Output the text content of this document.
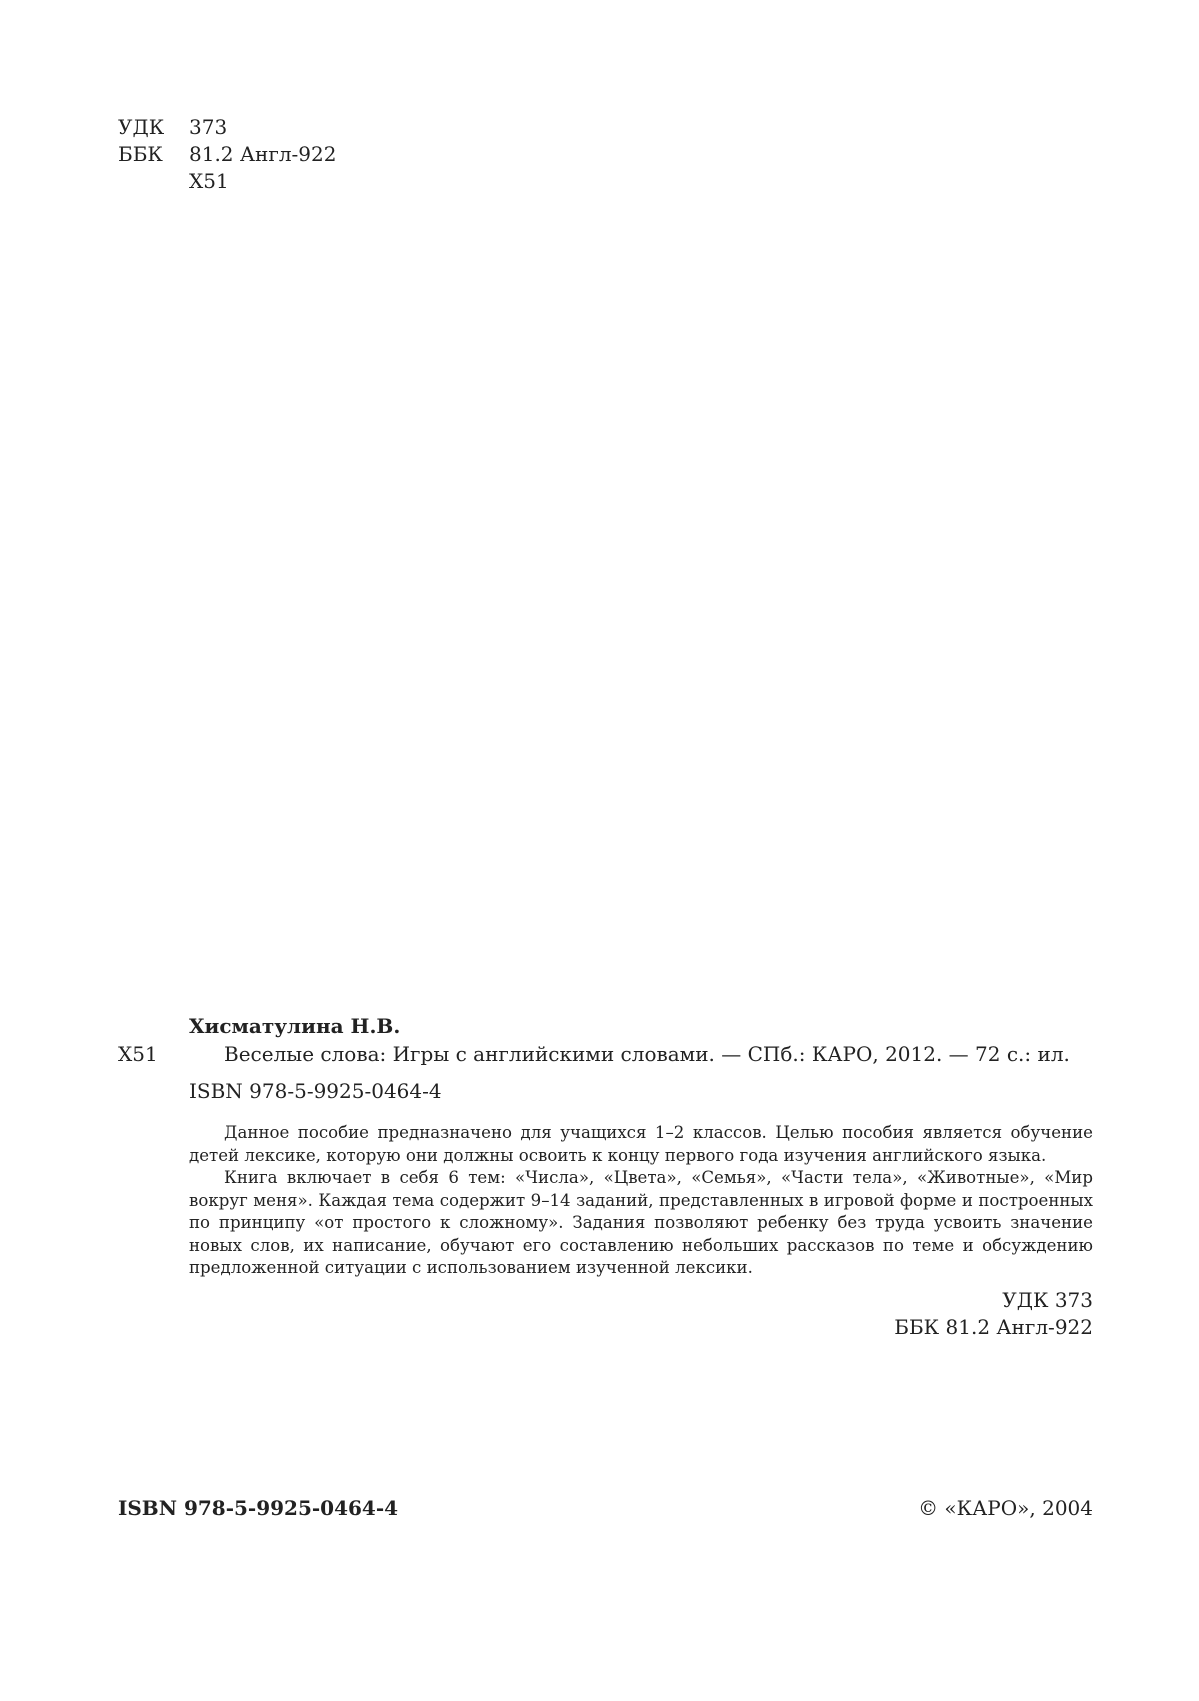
УДК 373
ББК 81.2 Англ-922
Х51
Хисматулина Н.В.
Х51	Веселые слова: Игры с английскими словами. — СПб.: КАРО, 2012. — 72 с.: ил.
ISBN 978-5-9925-0464-4

Данное пособие предназначено для учащихся 1–2 классов. Целью пособия является обучение детей лексике, которую они должны освоить к концу первого года изучения английского языка.

Книга включает в себя 6 тем: «Числа», «Цвета», «Семья», «Части тела», «Животные», «Мир вокруг меня». Каждая тема содержит 9–14 заданий, представленных в игровой форме и построенных по принципу «от простого к сложному». Задания позволяют ребенку без труда усвоить значение новых слов, их написание, обучают его составлению небольших рассказов по теме и обсуждению предложенной ситуации с использованием изученной лексики.

УДК 373
ББК 81.2 Англ-922
ISBN 978-5-9925-0464-4	© «КАРО», 2004
